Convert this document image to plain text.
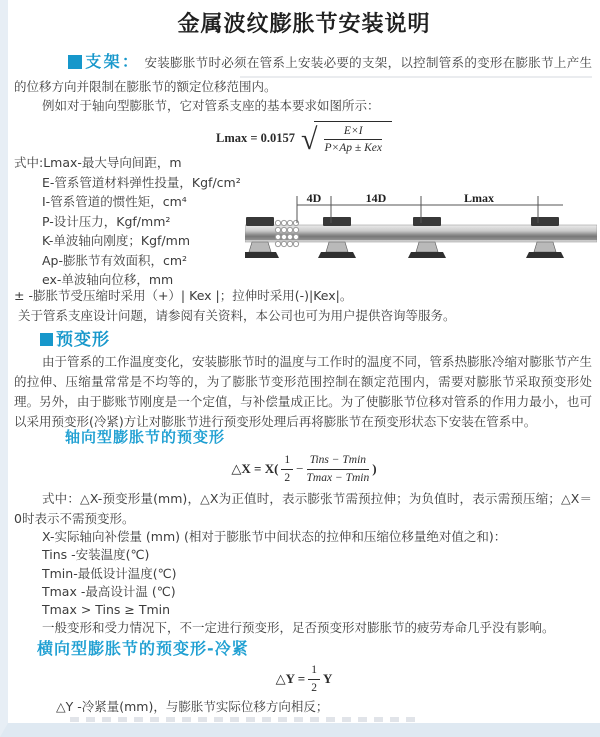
金属波纹膨胀节安装说明
支架： 安装膨胀节时必须在管系上安装必要的支架，以控制管系的变形在膨胀节上产生的位移方向并限制在膨胀节的额定位移范围内。
例如对于轴向型膨胀节，它对管系支座的基本要求如图所示：
Lmax = 0.0157 √	$\frac{E\times I}{\text{P×Ap ± Kex}}$
式中:Lmax-最大导向间距，m
E-管系管道材料弹性投量，Kgf/cm²
I-管系管道的惯性矩，cm⁴
P-设计压力，Kgf/mm²
K-单波轴向刚度；Kgf/mm
Ap-膨胀节有效面积，cm²
ex-单波轴向位移，mm
4D	14D	Lmax
± -膨胀节受压缩时采用（+）| Kex |；拉伸时采用(-)|Kex|。
关于管系支座设计问题，请参阅有关资料，本公司也可为用户提供咨询等服务。
预变形
由于管系的工作温度变化，安装膨胀节时的温度与工作时的温度不同，管系热膨胀冷缩对膨胀节产生的拉伸、压缩量常常是不均等的，为了膨胀节变形范围控制在额定范围内，需要对膨胀节采取预变形处理。另外，由于膨账节刚度是一个定值，与补偿量成正比。为了使膨胀节位移对管系的作用力最小，也可以采用预变形(冷紧)方让对膨胀节进行预变形处理后再将膨胀节在预变形状态下安装在管系中。
轴向型膨胀节的预变形
△X = $X( \frac{1}{2} - \frac{\text{Tins − Tmin}}{Tmax - Tmin}$ )
式中：△X-预变形量(mm)，△X为正值时，表示膨张节需预拉伸；为负值时，表示需预压缩；△X＝0时表示不需预变形。
X-实际轴向补偿量 (mm) (相对于膨胀节中间状态的拉伸和压缩位移量绝对值之和)：
Tins -安装温度(℃)
Tmin-最低设计温度(℃)
Tmax -最高设计温 (℃)
Tmax > Tins ≥ Tmin
一般变形和受力情况下，不一定进行预变形，足否预变形对膨胀节的疲劳寿命几乎没有影响。
横向型膨胀节的预变形-冷紧
△Y = $\frac{1}{2}$ Y
△Y -冷紧量(mm)，与膨胀节实际位移方向相反；
